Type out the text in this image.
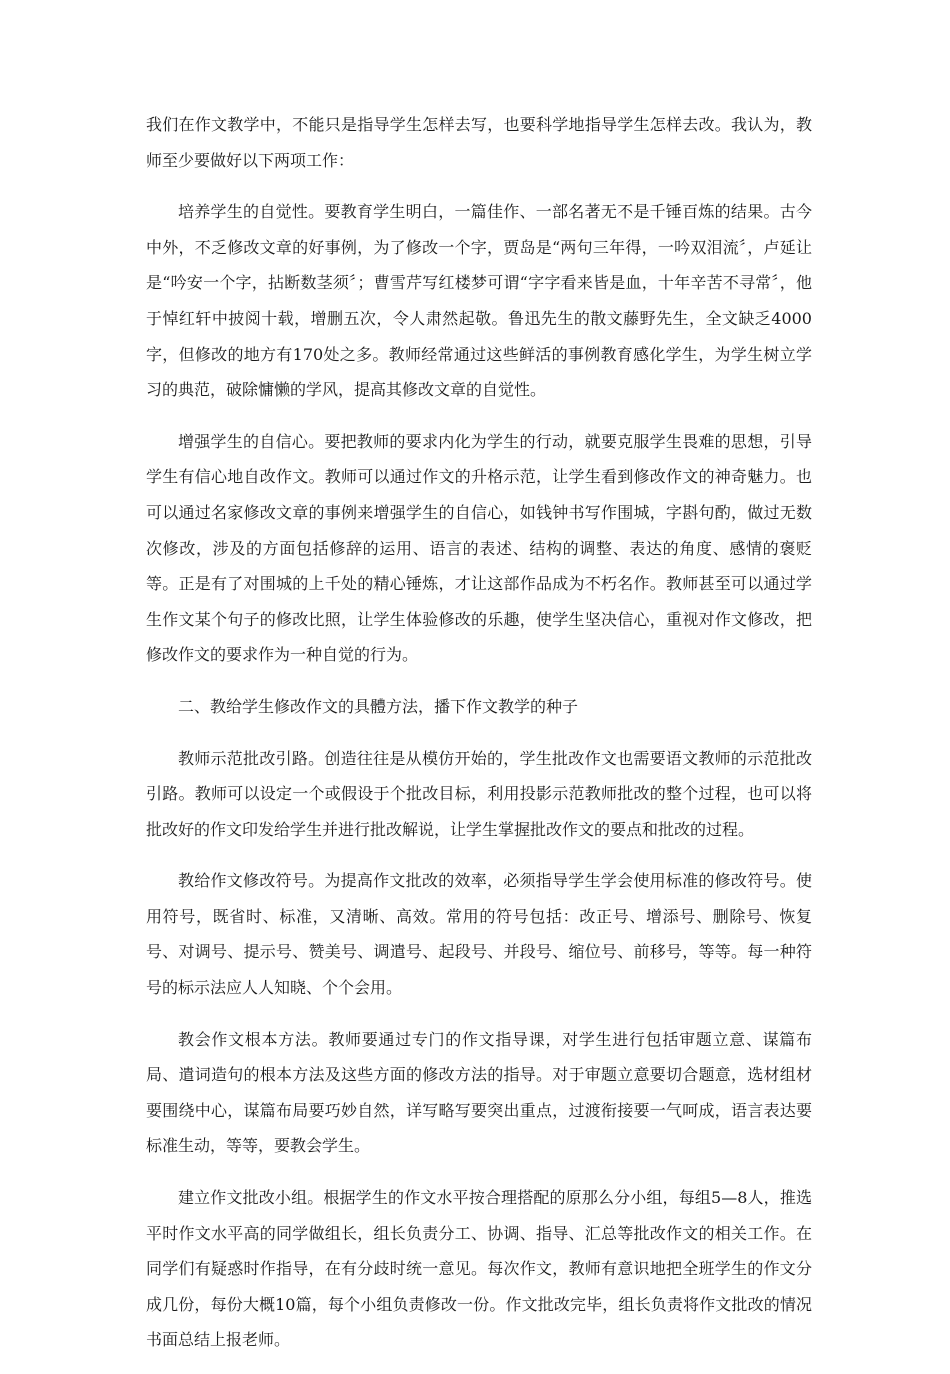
我们在作文教学中，不能只是指导学生怎样去写，也要科学地指导学生怎样去改。我认为，教师至少要做好以下两项工作：

培养学生的自觉性。要教育学生明白，一篇佳作、一部名著无不是千锤百炼的结果。古今中外，不乏修改文章的好事例，为了修改一个字，贾岛是“两句三年得，一吟双泪流〞，卢延让是“吟安一个字，拈断数茎须〞；曹雪芹写红楼梦可谓“字字看来皆是血，十年辛苦不寻常〞，他于悼红轩中披阅十载，增删五次，令人肃然起敬。鲁迅先生的散文藤野先生，全文缺乏4000字，但修改的地方有170处之多。教师经常通过这些鲜活的事例教育感化学生，为学生树立学习的典范，破除慵懒的学风，提高其修改文章的自觉性。

增强学生的自信心。要把教师的要求内化为学生的行动，就要克服学生畏难的思想，引导学生有信心地自改作文。教师可以通过作文的升格示范，让学生看到修改作文的神奇魅力。也可以通过名家修改文章的事例来增强学生的自信心，如钱钟书写作围城，字斟句酌，做过无数次修改，涉及的方面包括修辞的运用、语言的表述、结构的调整、表达的角度、感情的褒贬等。正是有了对围城的上千处的精心锤炼，才让这部作品成为不朽名作。教师甚至可以通过学生作文某个句子的修改比照，让学生体验修改的乐趣，使学生坚决信心，重视对作文修改，把修改作文的要求作为一种自觉的行为。

二、教给学生修改作文的具體方法，播下作文教学的种子

教师示范批改引路。创造往往是从模仿开始的，学生批改作文也需要语文教师的示范批改引路。教师可以设定一个或假设于个批改目标，利用投影示范教师批改的整个过程，也可以将批改好的作文印发给学生并进行批改解说，让学生掌握批改作文的要点和批改的过程。

教给作文修改符号。为提高作文批改的效率，必须指导学生学会使用标准的修改符号。使用符号，既省时、标准，又清晰、高效。常用的符号包括：改正号、增添号、删除号、恢复号、对调号、提示号、赞美号、调遣号、起段号、并段号、缩位号、前移号，等等。每一种符号的标示法应人人知晓、个个会用。

教会作文根本方法。教师要通过专门的作文指导课，对学生进行包括审题立意、谋篇布局、遣词造句的根本方法及这些方面的修改方法的指导。对于审题立意要切合题意，选材组材要围绕中心，谋篇布局要巧妙自然，详写略写要突出重点，过渡衔接要一气呵成，语言表达要标准生动，等等，要教会学生。

建立作文批改小组。根据学生的作文水平按合理搭配的原那么分小组，每组5—8人，推选平时作文水平高的同学做组长，组长负责分工、协调、指导、汇总等批改作文的相关工作。在同学们有疑惑时作指导，在有分歧时统一意见。每次作文，教师有意识地把全班学生的作文分成几份，每份大概10篇，每个小组负责修改一份。作文批改完毕，组长负责将作文批改的情况书面总结上报老师。
